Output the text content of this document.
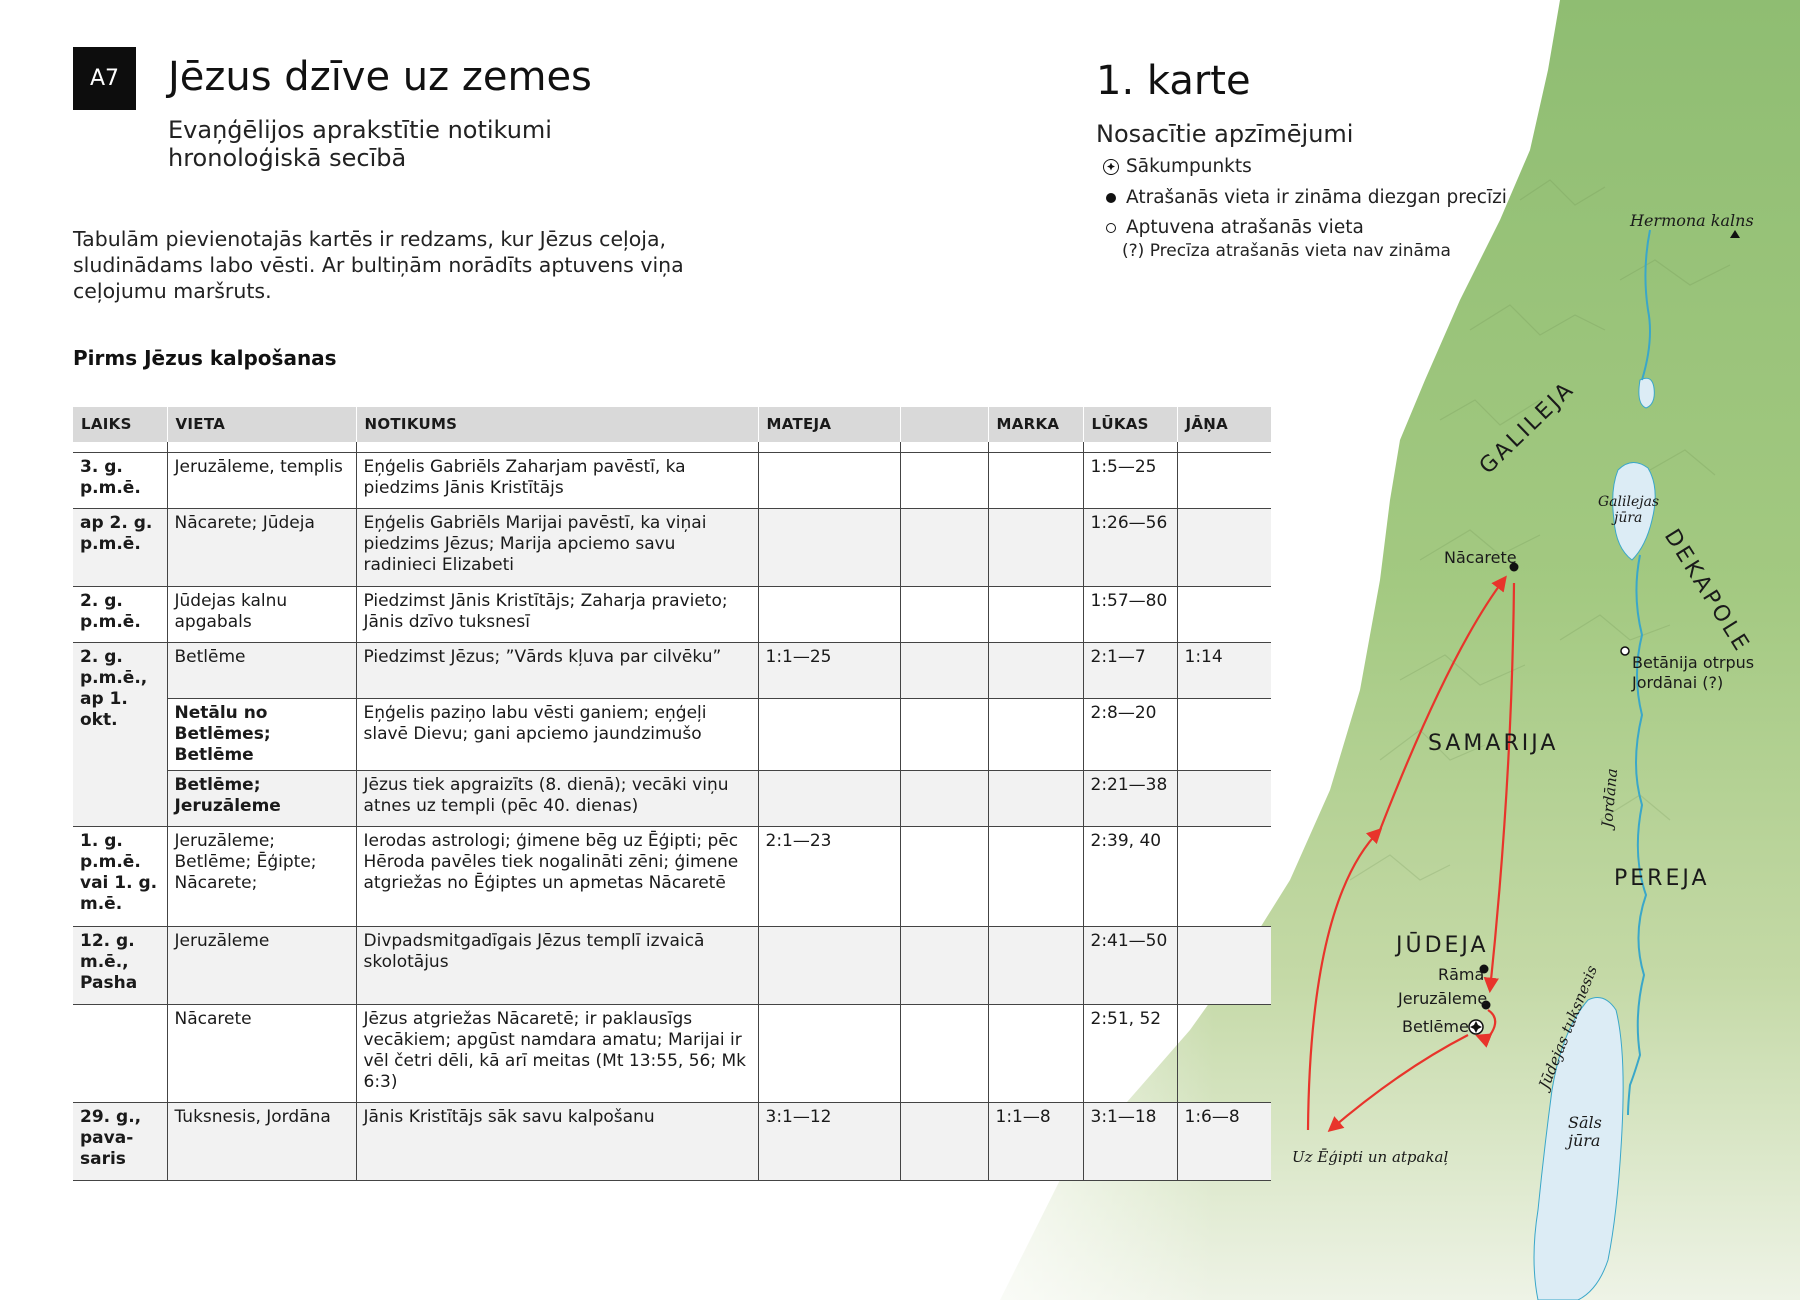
GALILEJA
DEKAPOLE
SAMARIJA
PEREJA
JŪDEJA
Hermona kalns
Galilejas
jūra
Nācarete
Betānija otrpus
Jordānai (?)
Jordāna
Rāma
Jeruzāleme
Betlēme	Jūdejas tuksnesis
Sāls
jūra
Uz Ēģipti un atpakaļ
A7	Jēzus dzīve uz zemes
Evaņģēlijos aprakstītie notikumi
hronoloģiskā secībā
Tabulām pievienotajās kartēs ir redzams, kur Jēzus ceļoja, sludinādams labo vēsti. Ar bultiņām norādīts aptuvens viņa ceļojumu maršruts.
Pirms Jēzus kalpošanas
1. karte
Nosacītie apzīmējumi
Sākumpunkts
Atrašanās vieta ir zināma diezgan precīzi
Aptuvena atrašanās vieta
(?) Precīza atrašanās vieta nav zināma
LAIKS	VIETA	NOTIKUMS	MATEJA		MARKA	LŪKAS	JĀŅA

3. g. p.m.ē.	Jeruzāleme, templis	Eņģelis Gabriēls Zaharjam pavēstī, ka piedzims Jānis Kristītājs				1:5—25	
ap 2. g. p.m.ē.	Nācarete; Jūdeja	Eņģelis Gabriēls Marijai pavēstī, ka viņai piedzims Jēzus; Marija apciemo savu radinieci Elizabeti				1:26—56	
2. g. p.m.ē.	Jūdejas kalnu apgabals	Piedzimst Jānis Kristītājs; Zaharja pravieto; Jānis dzīvo tuksnesī				1:57—80	
2. g. p.m.ē., ap 1. okt.	Betlēme	Piedzimst Jēzus; ”Vārds kļuva par cilvēku”	1:1—25			2:1—7	1:14
	Netālu no Betlēmes; Betlēme	Eņģelis paziņo labu vēsti ganiem; eņģeļi slavē Dievu; gani apciemo jaundzimušo				2:8—20	
	Betlēme; Jeruzāleme	Jēzus tiek apgraizīts (8. dienā); vecāki viņu atnes uz templi (pēc 40. dienas)				2:21—38	
1. g. p.m.ē. vai 1. g. m.ē.	Jeruzāleme; Betlēme; Ēģipte; Nācarete;	Ierodas astrologi; ģimene bēg uz Ēģipti; pēc Hēroda pavēles tiek nogalināti zēni; ģimene atgriežas no Ēģiptes un apmetas Nācaretē	2:1—23			2:39, 40	
12. g. m.ē., Pasha	Jeruzāleme	Divpadsmitgadīgais Jēzus templī izvaicā skolotājus				2:41—50	
	Nācarete	Jēzus atgriežas Nācaretē; ir paklausīgs vecākiem; apgūst namdara amatu; Marijai ir vēl četri dēli, kā arī meitas (Mt 13:55, 56; Mk 6:3)				2:51, 52	
29. g., pava-saris	Tuksnesis, Jordāna	Jānis Kristītājs sāk savu kalpošanu	3:1—12		1:1—8	3:1—18	1:6—8
